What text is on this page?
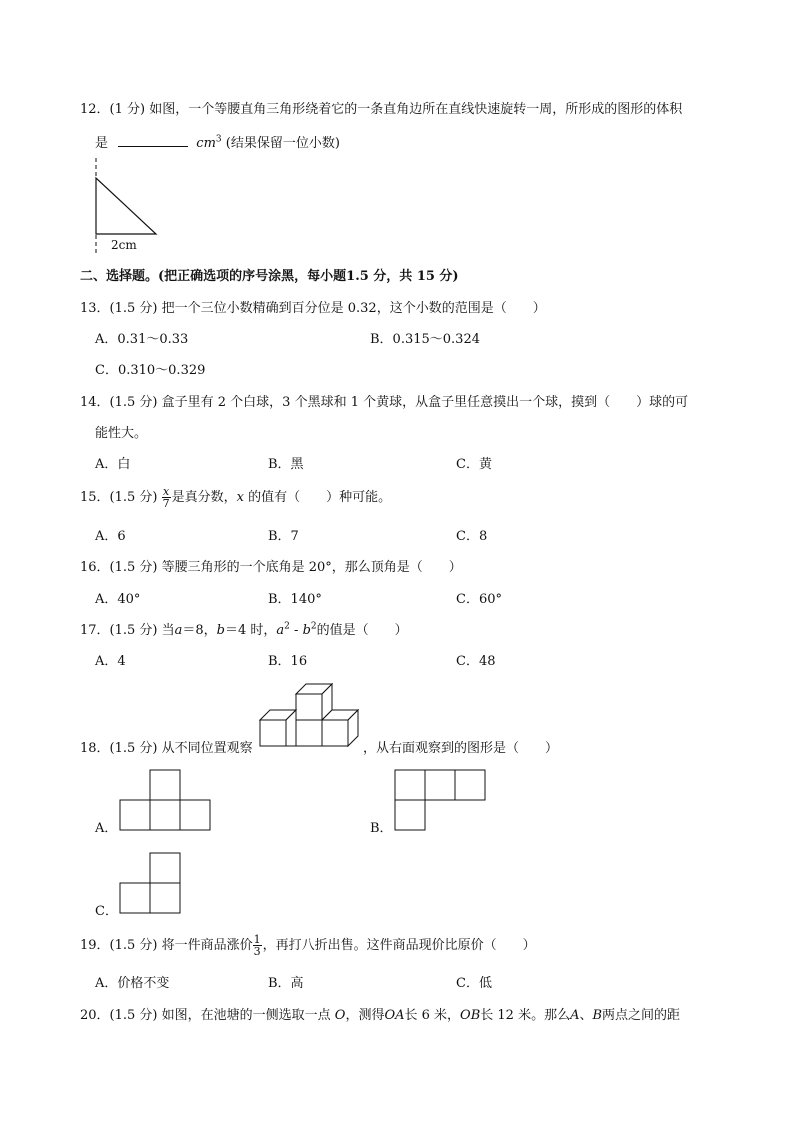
12．(1 分) 如图，一个等腰直角三角形绕着它的一条直角边所在直线快速旋转一周，所形成的图形的体积
是	$cm^3$ (结果保留一位小数)
2cm
二、选择题。(把正确选项的序号涂黑，每小题1.5 分，共 15 分)
13．(1.5 分) 把一个三位小数精确到百分位是 0.32，这个小数的范围是（　　）
A．0.31～0.33	B．0.315～0.324
C．0.310～0.329
14．(1.5 分) 盒子里有 2 个白球，3 个黑球和 1 个黄球，从盒子里任意摸出一个球，摸到（　　）球的可
能性大。
A．白	B．黑	C．黄
15．(1.5 分) $\frac{x}{7}$ 是真分数，x 的值有（　　）种可能。
A．6	B．7	C．8
16．(1.5 分) 等腰三角形的一个底角是 20°，那么顶角是（　　）
A．40°	B．140°	C．60°
17．(1.5 分) 当a＝8，b＝4 时，$a^2 - b^2$的值是（　　）
A．4	B．16	C．48
18．(1.5 分) 从不同位置观察	，从右面观察到的图形是（　　）
A．	B．
C．
19．(1.5 分) 将一件商品涨价 $\frac{1}{3}$ ，再打八折出售。这件商品现价比原价（　　）
A．价格不变	B．高	C．低
20．(1.5 分) 如图，在池塘的一侧选取一点 O，测得OA长 6 米，OB长 12 米。那么A、B两点之间的距
